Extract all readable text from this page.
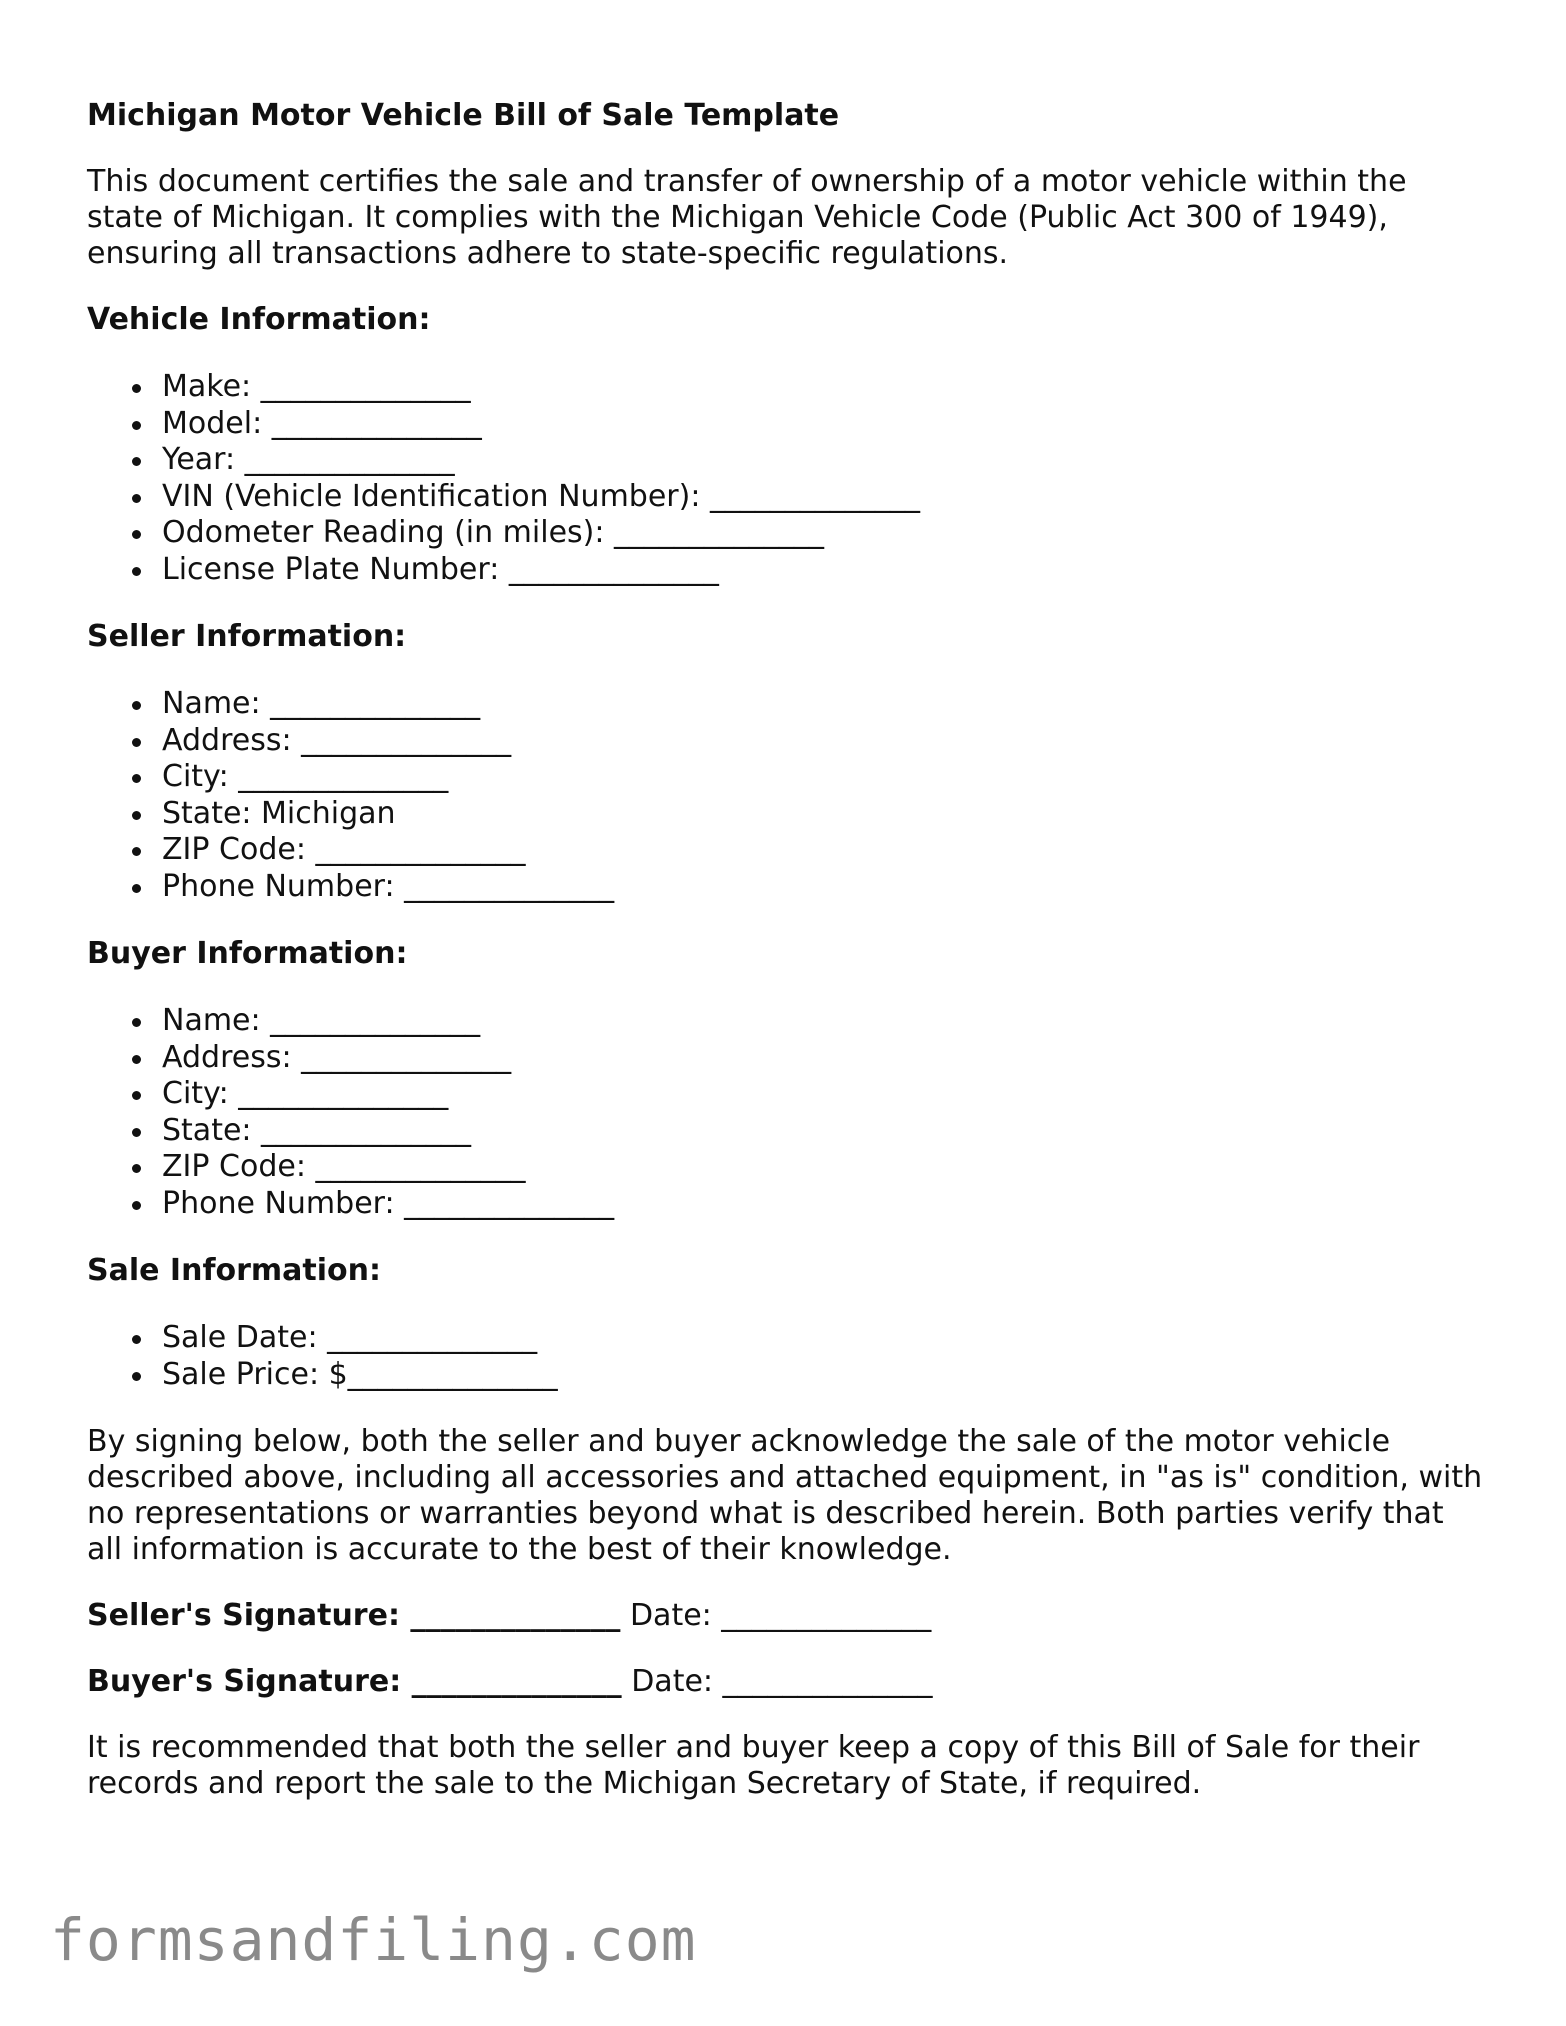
Michigan Motor Vehicle Bill of Sale Template
This document certifies the sale and transfer of ownership of a motor vehicle within the state of Michigan. It complies with the Michigan Vehicle Code (Public Act 300 of 1949), ensuring all transactions adhere to state-specific regulations.
Vehicle Information:
Make: ______________
Model: ______________
Year: ______________
VIN (Vehicle Identification Number): ______________
Odometer Reading (in miles): ______________
License Plate Number: ______________
Seller Information:
Name: ______________
Address: ______________
City: ______________
State: Michigan
ZIP Code: ______________
Phone Number: ______________
Buyer Information:
Name: ______________
Address: ______________
City: ______________
State: ______________
ZIP Code: ______________
Phone Number: ______________
Sale Information:
Sale Date: ______________
Sale Price: $______________
By signing below, both the seller and buyer acknowledge the sale of the motor vehicle described above, including all accessories and attached equipment, in "as is" condition, with no representations or warranties beyond what is described herein. Both parties verify that all information is accurate to the best of their knowledge.
Seller's Signature: ______________ Date: ______________
Buyer's Signature: ______________ Date: ______________
It is recommended that both the seller and buyer keep a copy of this Bill of Sale for their records and report the sale to the Michigan Secretary of State, if required.
formsandfiling.com
